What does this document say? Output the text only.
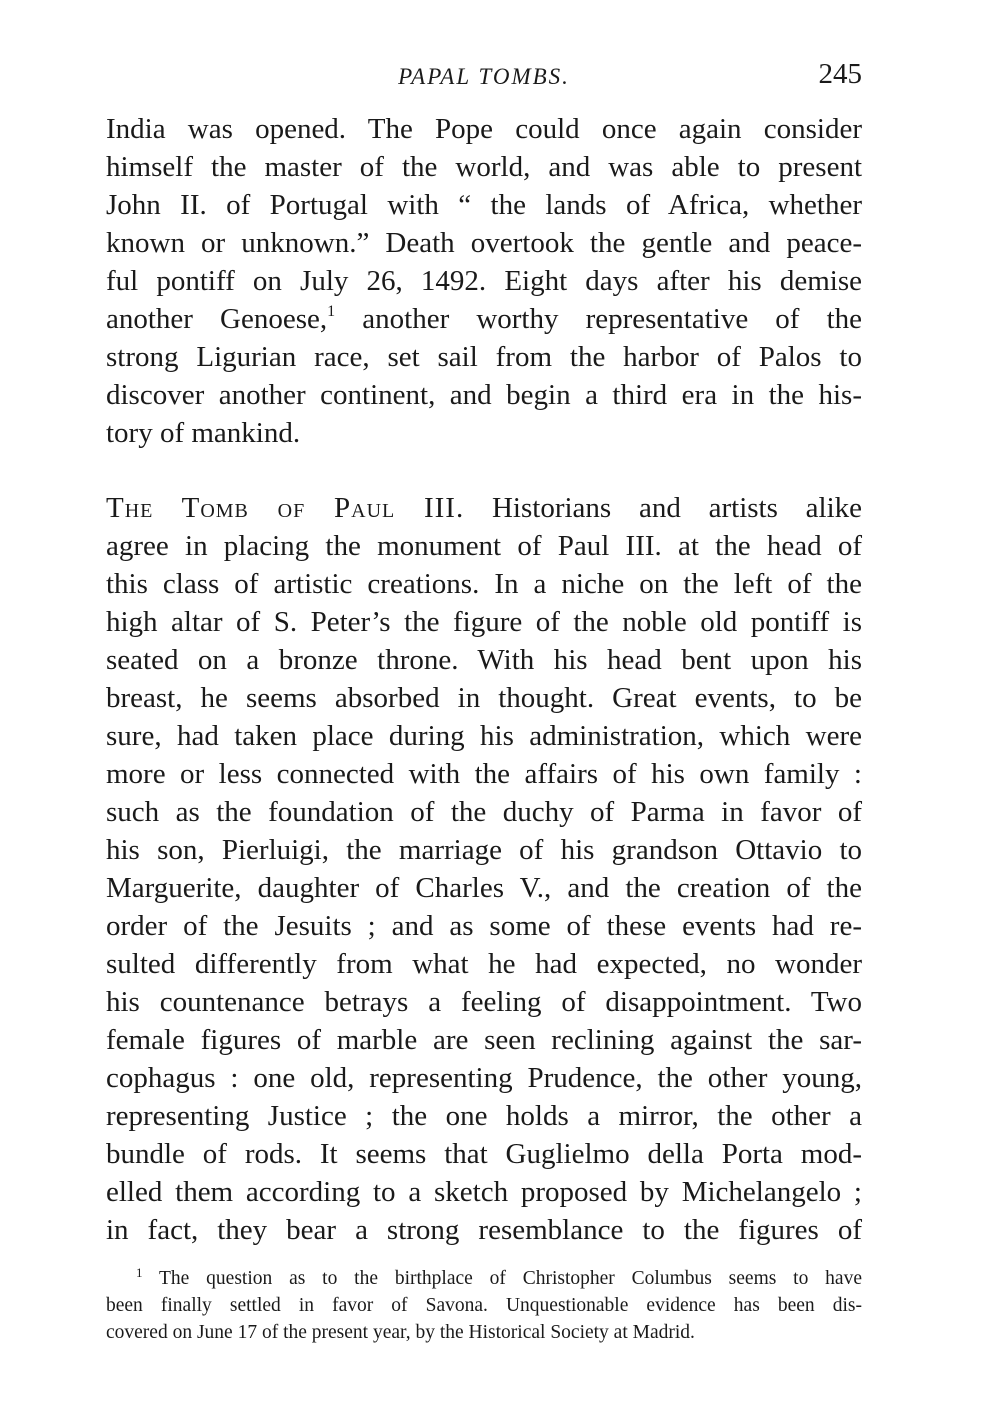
PAPAL TOMBS.	245
India was opened. The Pope could once again consider
himself the master of the world, and was able to present
John II. of Portugal with “ the lands of Africa, whether
known or unknown.” Death overtook the gentle and peace-
ful pontiff on July 26, 1492. Eight days after his demise
another Genoese,$^1$ another worthy representative of the
strong Ligurian race, set sail from the harbor of Palos to
discover another continent, and begin a third era in the his-
tory of mankind.
The Tomb of Paul III. Historians and artists alike
agree in placing the monument of Paul III. at the head of
this class of artistic creations. In a niche on the left of the
high altar of S. Peter’s the figure of the noble old pontiff is
seated on a bronze throne. With his head bent upon his
breast, he seems absorbed in thought. Great events, to be
sure, had taken place during his administration, which were
more or less connected with the affairs of his own family :
such as the foundation of the duchy of Parma in favor of
his son, Pierluigi, the marriage of his grandson Ottavio to
Marguerite, daughter of Charles V., and the creation of the
order of the Jesuits ; and as some of these events had re-
sulted differently from what he had expected, no wonder
his countenance betrays a feeling of disappointment. Two
female figures of marble are seen reclining against the sar-
cophagus : one old, representing Prudence, the other young,
representing Justice ; the one holds a mirror, the other a
bundle of rods. It seems that Guglielmo della Porta mod-
elled them according to a sketch proposed by Michelangelo ;
in fact, they bear a strong resemblance to the figures of
$^1$ The question as to the birthplace of Christopher Columbus seems to have
been finally settled in favor of Savona. Unquestionable evidence has been dis-
covered on June 17 of the present year, by the Historical Society at Madrid.
